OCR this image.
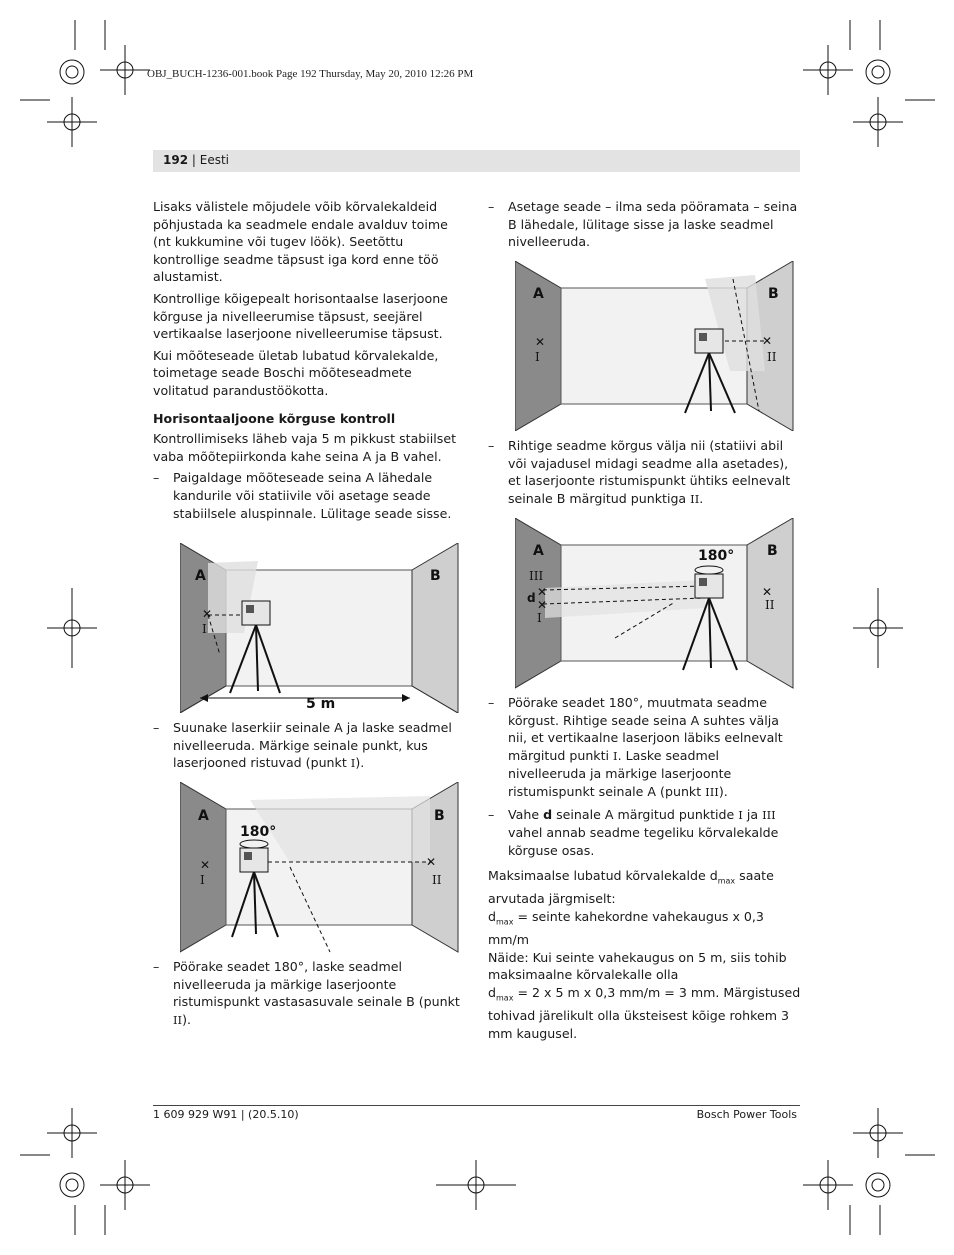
OBJ_BUCH-1236-001.book Page 192 Thursday, May 20, 2010 12:26 PM
192 | Eesti

Lisaks välistele mõjudele võib kõrvalekaldeid põhjustada ka seadmele endale avalduv toime (nt kukkumine või tugev löök). Seetõttu kontrollige seadme täpsust iga kord enne töö alustamist.

Kontrollige kõigepealt horisontaalse laserjoone kõrguse ja nivelleerumise täpsust, seejärel vertikaalse laserjoone nivelleerumise täpsust.

Kui mõõteseade ületab lubatud kõrvalekalde, toimetage seade Boschi mõõteseadmete volitatud parandustöökotta.

Horisontaaljoone kõrguse kontroll

Kontrollimiseks läheb vaja 5 m pikkust stabiilset vaba mõõtepiirkonda kahe seina A ja B vahel.

–	Paigaldage mõõteseade seina A lähedale kandurile või statiivile või asetage seade stabiilsele aluspinnale. Lülitage seade sisse.
✕
A	B
I
5 m
–	Suunake laserkiir seinale A ja laske seadmel nivelleeruda. Märkige seinale punkt, kus laserjooned ristuvad (punkt I).
✕	✕
A	B
180°
I	II
–	Pöörake seadet 180°, laske seadmel nivelleeruda ja märkige laserjoonte ristumispunkt vastasasuvale seinale B (punkt II).
–	Asetage seade – ilma seda pööramata – seina B lähedale, lülitage sisse ja laske seadmel nivelleeruda.
✕	✕
A	B
I	II
–	Rihtige seadme kõrgus välja nii (statiivi abil või vajadusel midagi seadme alla asetades), et laserjoonte ristumispunkt ühtiks eelnevalt seinale B märgitud punktiga II.
✕
✕
✕
A	B
180°
III
d
I
II
–	Pöörake seadet 180°, muutmata seadme kõrgust. Rihtige seade seina A suhtes välja nii, et vertikaalne laserjoon läbiks eelnevalt märgitud punkti I. Laske seadmel nivelleeruda ja märkige laserjoonte ristumispunkt seinale A (punkt III).
–	Vahe d seinale A märgitud punktide I ja III vahel annab seadme tegeliku kõrvalekalde kõrguse osas.

Maksimaalse lubatud kõrvalekalde $d_{max}$ saate arvutada järgmiselt:

$d_{max}$ = seinte kahekordne vahekaugus x 0,3 mm/m

Näide: Kui seinte vahekaugus on 5 m, siis tohib maksimaalne kõrvalekalle olla

$d_{max} = 2$ x 5 m x 0,3 mm/m = 3 mm. Märgistused tohivad järelikult olla üksteisest kõige rohkem 3 mm kaugusel.

1 609 929 W91 | (20.5.10)	Bosch Power Tools
